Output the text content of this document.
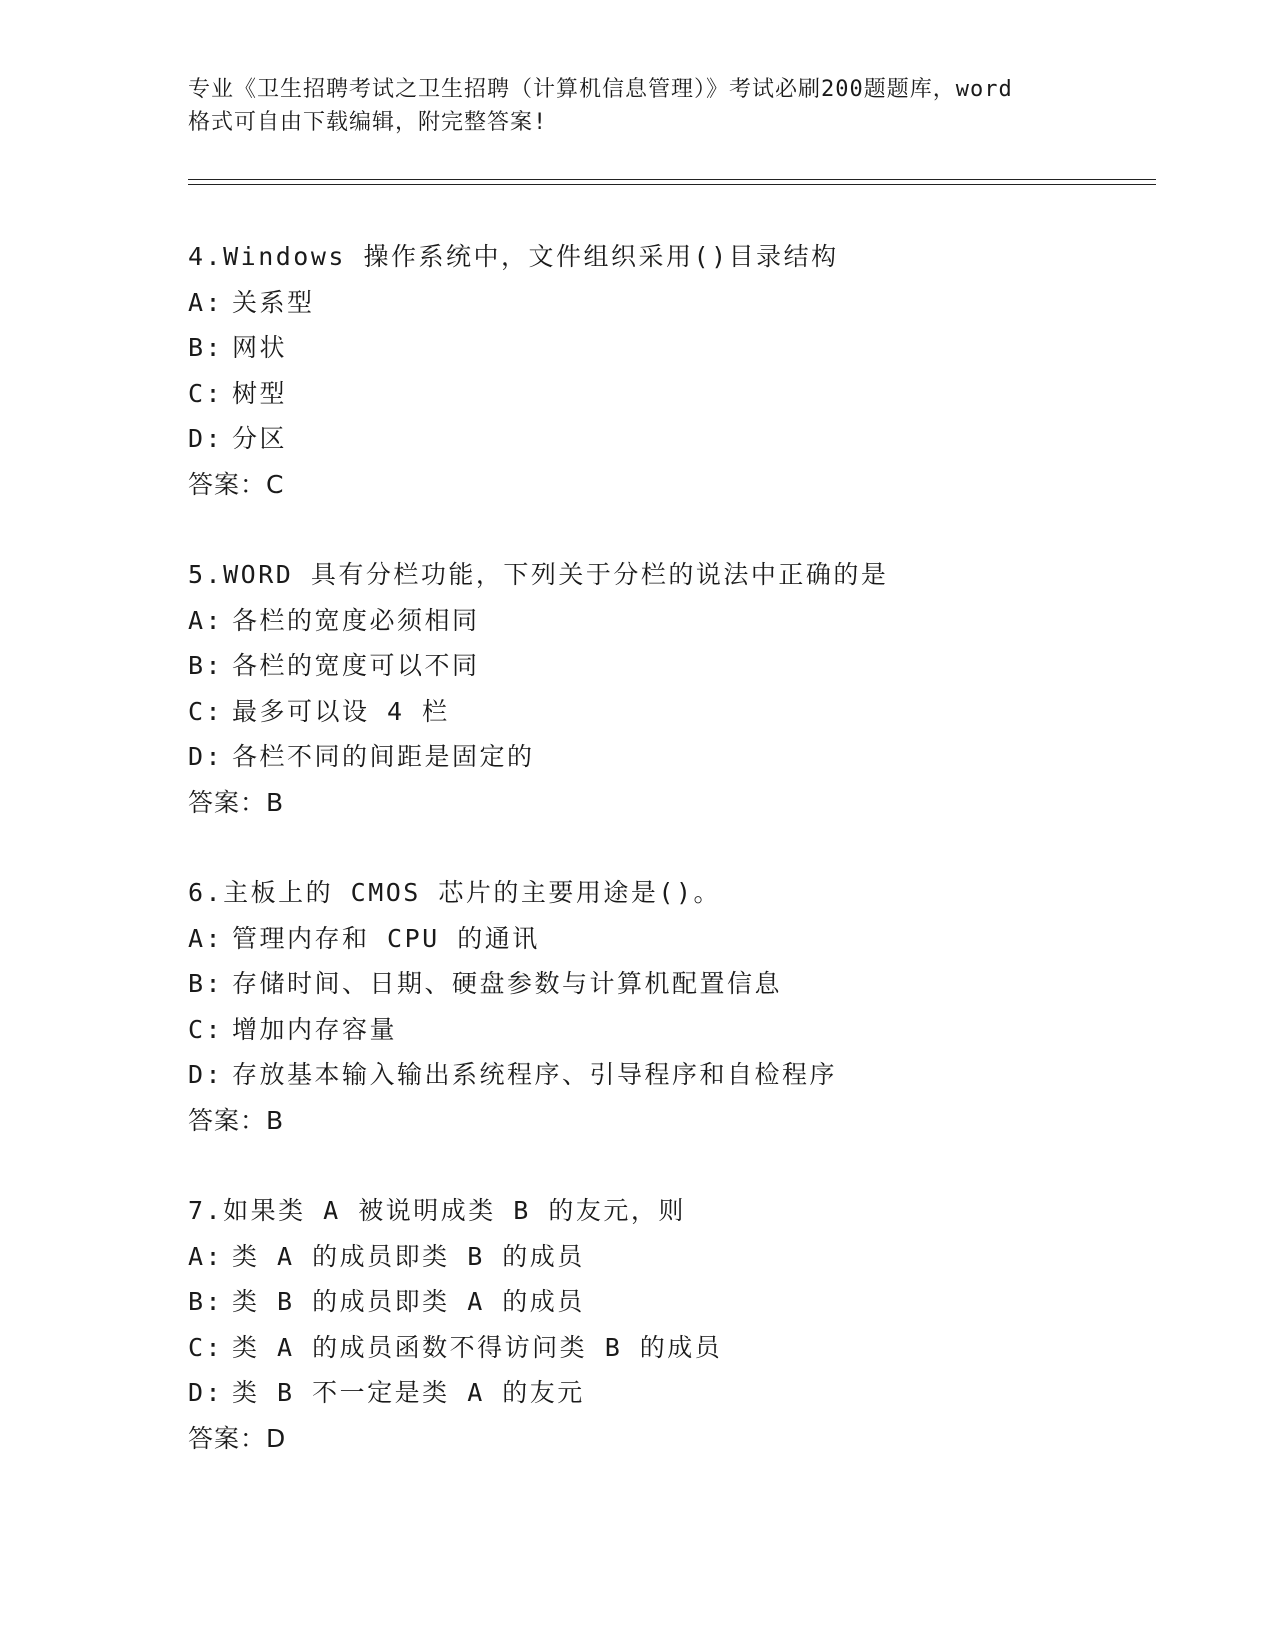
专业《卫生招聘考试之卫生招聘（计算机信息管理）》考试必刷200题题库，word
格式可自由下载编辑，附完整答案!
4.Windows 操作系统中，文件组织采用()目录结构
A: 关系型
B: 网状
C: 树型
D: 分区
答案：C
5.WORD 具有分栏功能，下列关于分栏的说法中正确的是
A: 各栏的宽度必须相同
B: 各栏的宽度可以不同
C: 最多可以设 4 栏
D: 各栏不同的间距是固定的
答案：B
6.主板上的 CMOS 芯片的主要用途是()。
A: 管理内存和 CPU 的通讯
B: 存储时间、日期、硬盘参数与计算机配置信息
C: 增加内存容量
D: 存放基本输入输出系统程序、引导程序和自检程序
答案：B
7.如果类 A 被说明成类 B 的友元，则
A: 类 A 的成员即类 B 的成员
B: 类 B 的成员即类 A 的成员
C: 类 A 的成员函数不得访问类 B 的成员
D: 类 B 不一定是类 A 的友元
答案：D
